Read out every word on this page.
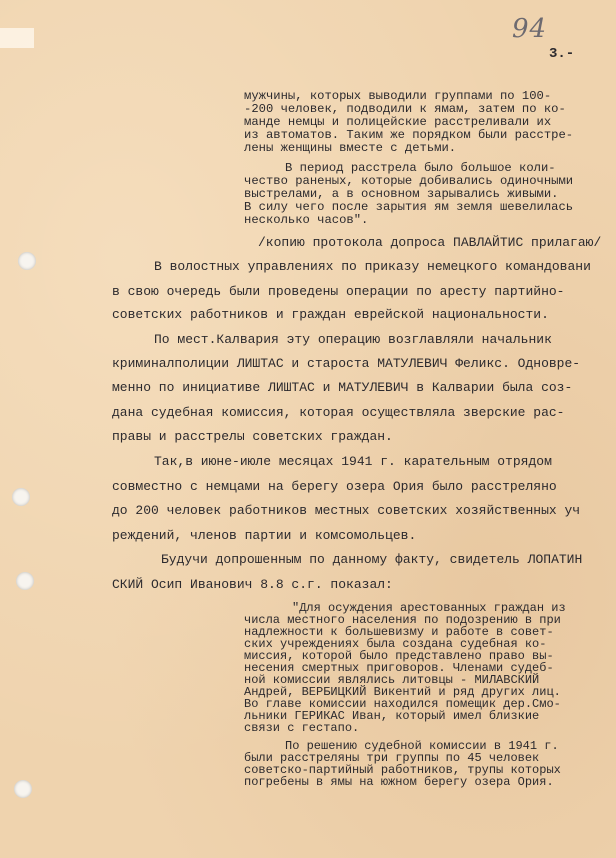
94
3.-
мужчины, которых выводили группами по 100-
-200 человек, подводили к ямам, затем по ко-
манде немцы и полицейские расстреливали их
из автоматов. Таким же порядком были расстре-
лены женщины вместе с детьми.
В период расстрела было большое коли-
чество раненых, которые добивались одиночными
выстрелами, а в основном зарывались живыми.
В силу чего после зарытия ям земля шевелилась
несколько часов".
/копию протокола допроса ПАВЛАЙТИС прилагаю/
В волостных управлениях по приказу немецкого командовани
в свою очередь были проведены операции по аресту партийно-
советских работников и граждан еврейской национальности.
По мест.Калвария эту операцию возглавляли начальник
криминалполиции ЛИШТАС и староста МАТУЛЕВИЧ Феликс. Одновре-
менно по инициативе ЛИШТАС и МАТУЛЕВИЧ в Калварии была соз-
дана судебная комиссия, которая осуществляла зверские рас-
правы и расстрелы советских граждан.
Так,в июне-июле месяцах 1941 г. карательным отрядом
совместно с немцами на берегу озера Ория было расстреляно
до 200 человек работников местных советских хозяйственных уч
реждений, членов партии и комсомольцев.
Будучи допрошенным по данному факту, свидетель ЛОПАТИН
СКИЙ Осип Иванович 8.8 с.г. показал:
"Для осуждения арестованных граждан из
числа местного населения по подозрению в при
надлежности к большевизму и работе в совет-
ских учреждениях была создана судебная ко-
миссия, которой было представлено право вы-
несения смертных приговоров. Членами судеб-
ной комиссии являлись литовцы - МИЛАВСКИЙ
Андрей, ВЕРБИЦКИЙ Викентий и ряд других лиц.
Во главе комиссии находился помещик дер.Смо-
льники ГЕРИКАС Иван, который имел близкие
связи с гестапо.
По решению судебной комиссии в 1941 г.
были расстреляны три группы по 45 человек
советско-партийный работников, трупы которых
погребены в ямы на южном берегу озера Ория.
